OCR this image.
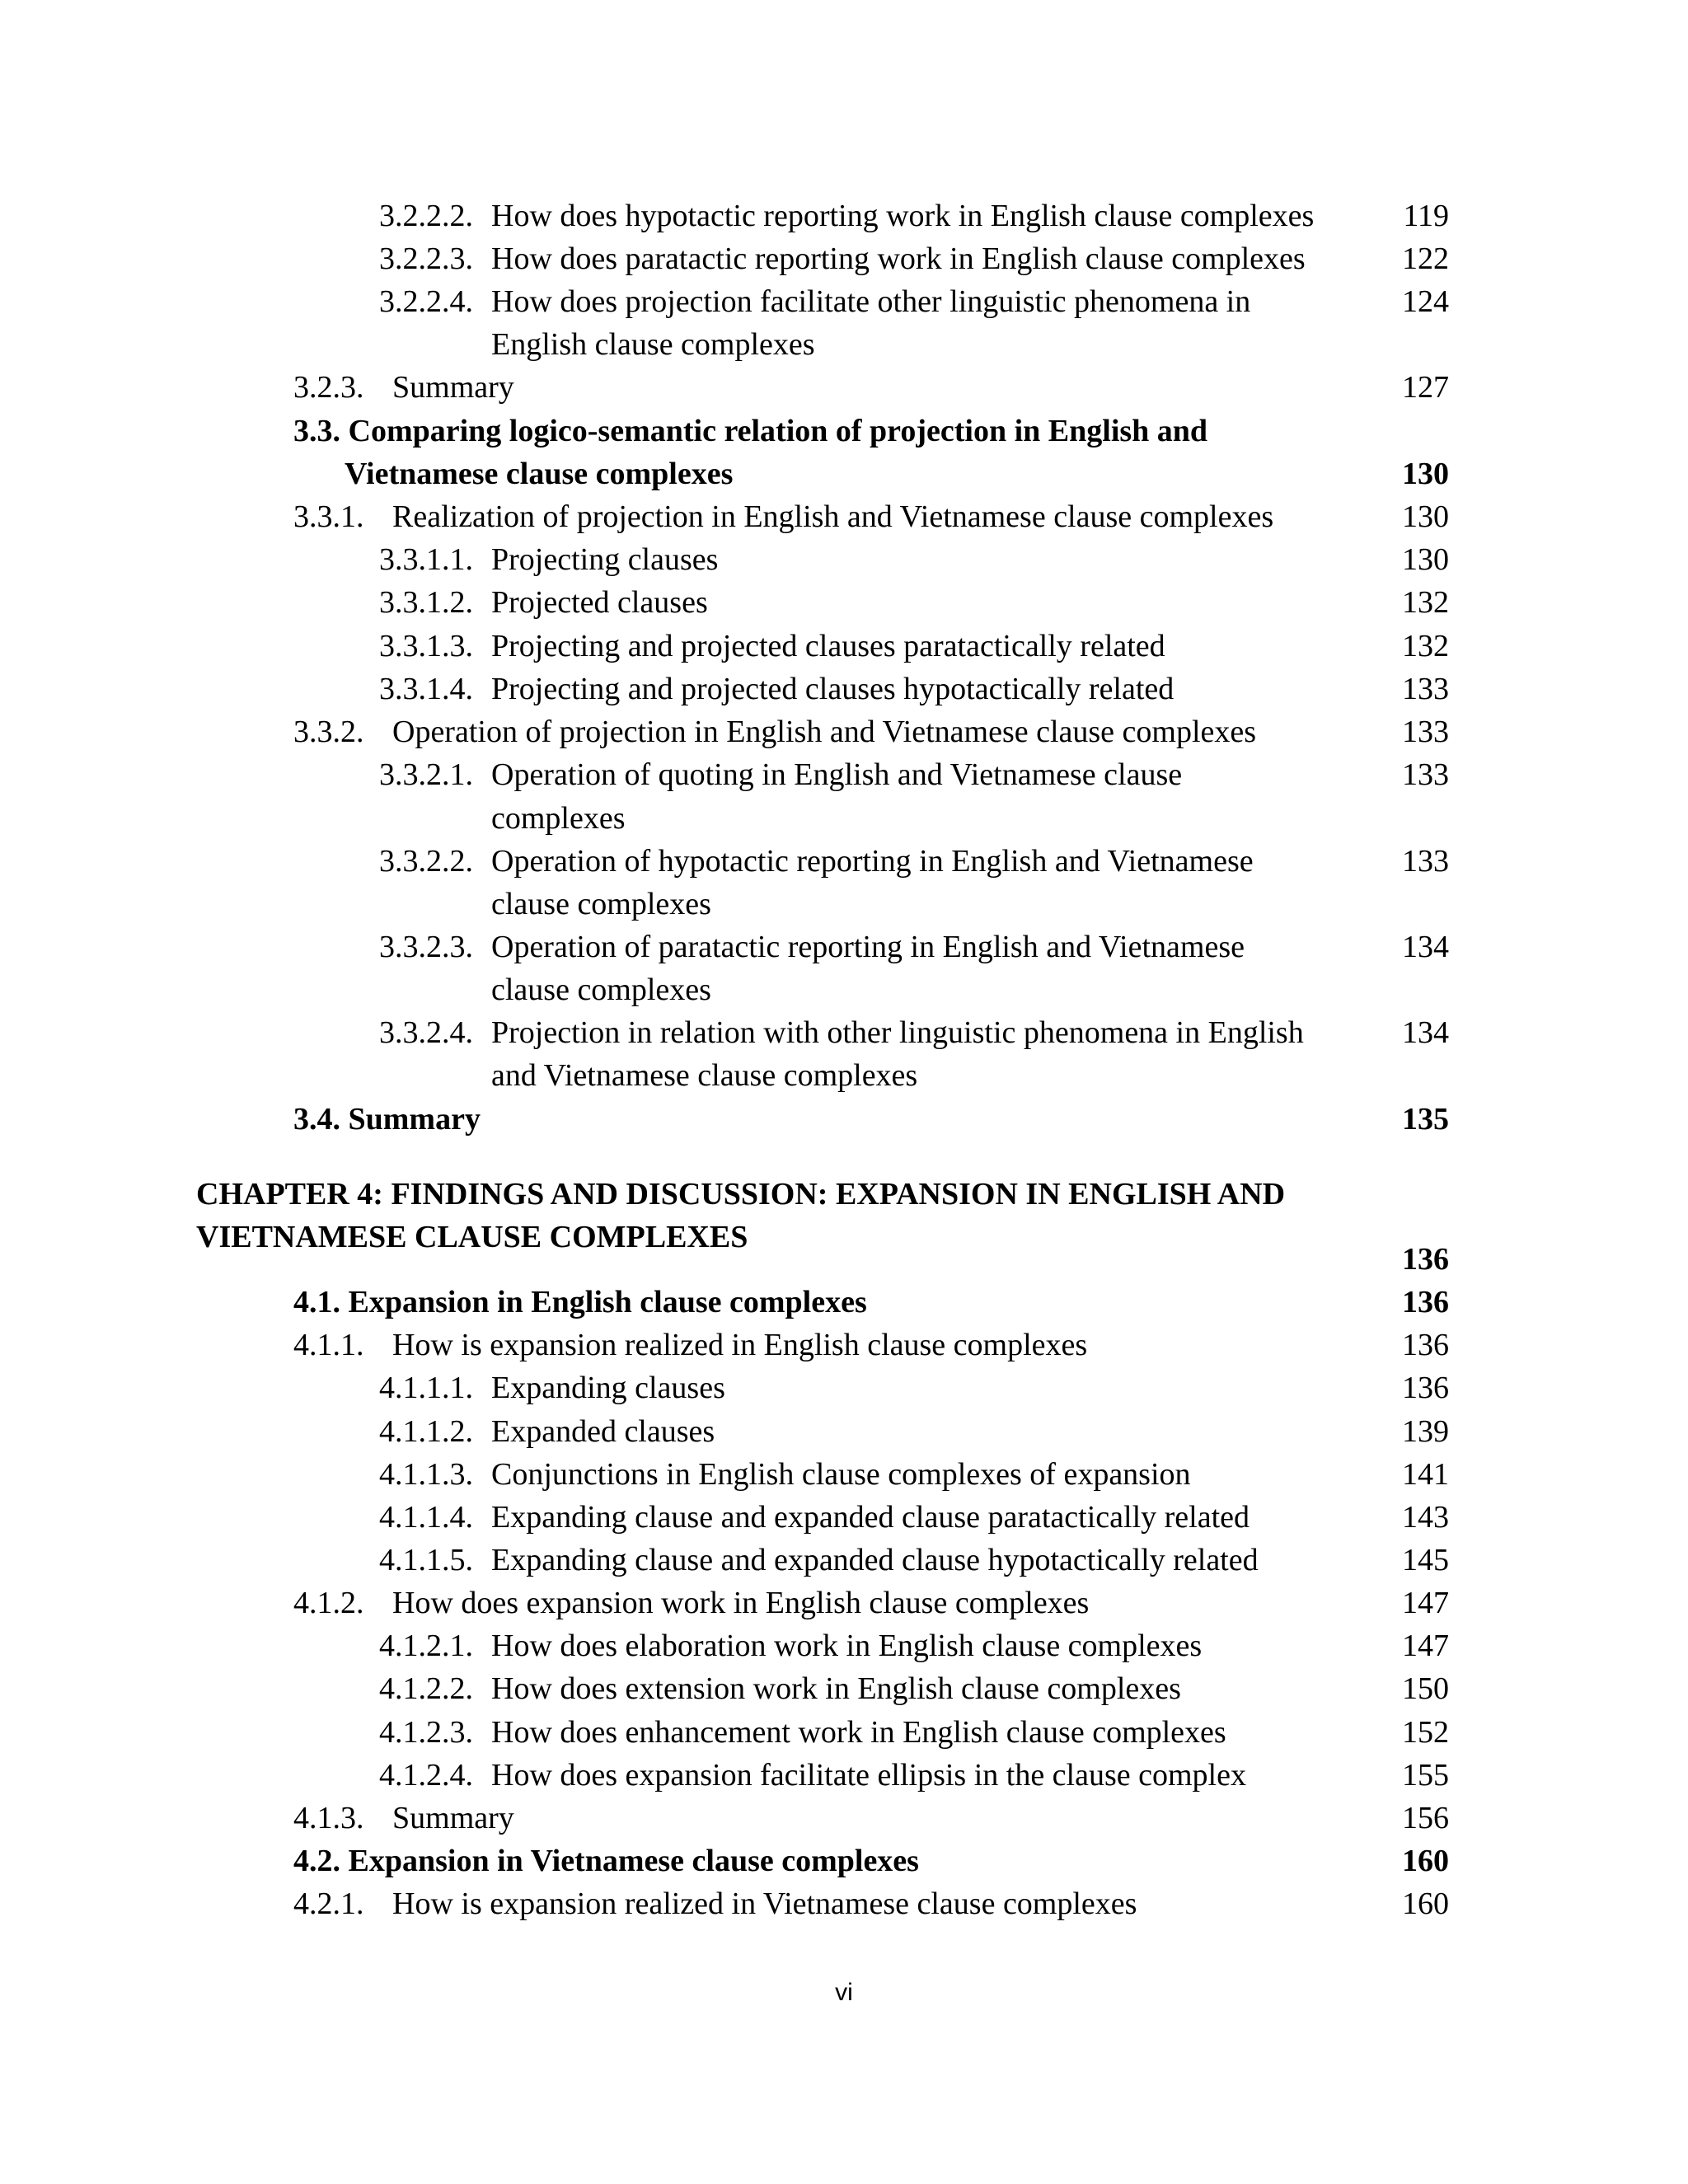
3.2.2.2. How does hypotactic reporting work in English clause complexes	119
3.2.2.3. How does paratactic reporting work in English clause complexes	122
3.2.2.4. How does projection facilitate other linguistic phenomena in	124
English clause complexes
3.2.3. Summary	127
3.3. Comparing logico-semantic relation of projection in English and
Vietnamese clause complexes	130
3.3.1. Realization of projection in English and Vietnamese clause complexes	130
3.3.1.1. Projecting clauses	130
3.3.1.2. Projected clauses	132
3.3.1.3. Projecting and projected clauses paratactically related	132
3.3.1.4. Projecting and projected clauses hypotactically related	133
3.3.2. Operation of projection in English and Vietnamese clause complexes	133
3.3.2.1. Operation of quoting in English and Vietnamese clause	133
complexes
3.3.2.2. Operation of hypotactic reporting in English and Vietnamese	133
clause complexes
3.3.2.3. Operation of paratactic reporting in English and Vietnamese	134
clause complexes
3.3.2.4. Projection in relation with other linguistic phenomena in English	134
and Vietnamese clause complexes
3.4. Summary	135
CHAPTER 4: FINDINGS AND DISCUSSION: EXPANSION IN ENGLISH AND
VIETNAMESE CLAUSE COMPLEXES
136
4.1. Expansion in English clause complexes	136
4.1.1. How is expansion realized in English clause complexes	136
4.1.1.1. Expanding clauses	136
4.1.1.2. Expanded clauses	139
4.1.1.3. Conjunctions in English clause complexes of expansion	141
4.1.1.4. Expanding clause and expanded clause paratactically related	143
4.1.1.5. Expanding clause and expanded clause hypotactically related	145
4.1.2. How does expansion work in English clause complexes	147
4.1.2.1. How does elaboration work in English clause complexes	147
4.1.2.2. How does extension work in English clause complexes	150
4.1.2.3. How does enhancement work in English clause complexes	152
4.1.2.4. How does expansion facilitate ellipsis in the clause complex	155
4.1.3. Summary	156
4.2. Expansion in Vietnamese clause complexes	160
4.2.1. How is expansion realized in Vietnamese clause complexes	160
vi
